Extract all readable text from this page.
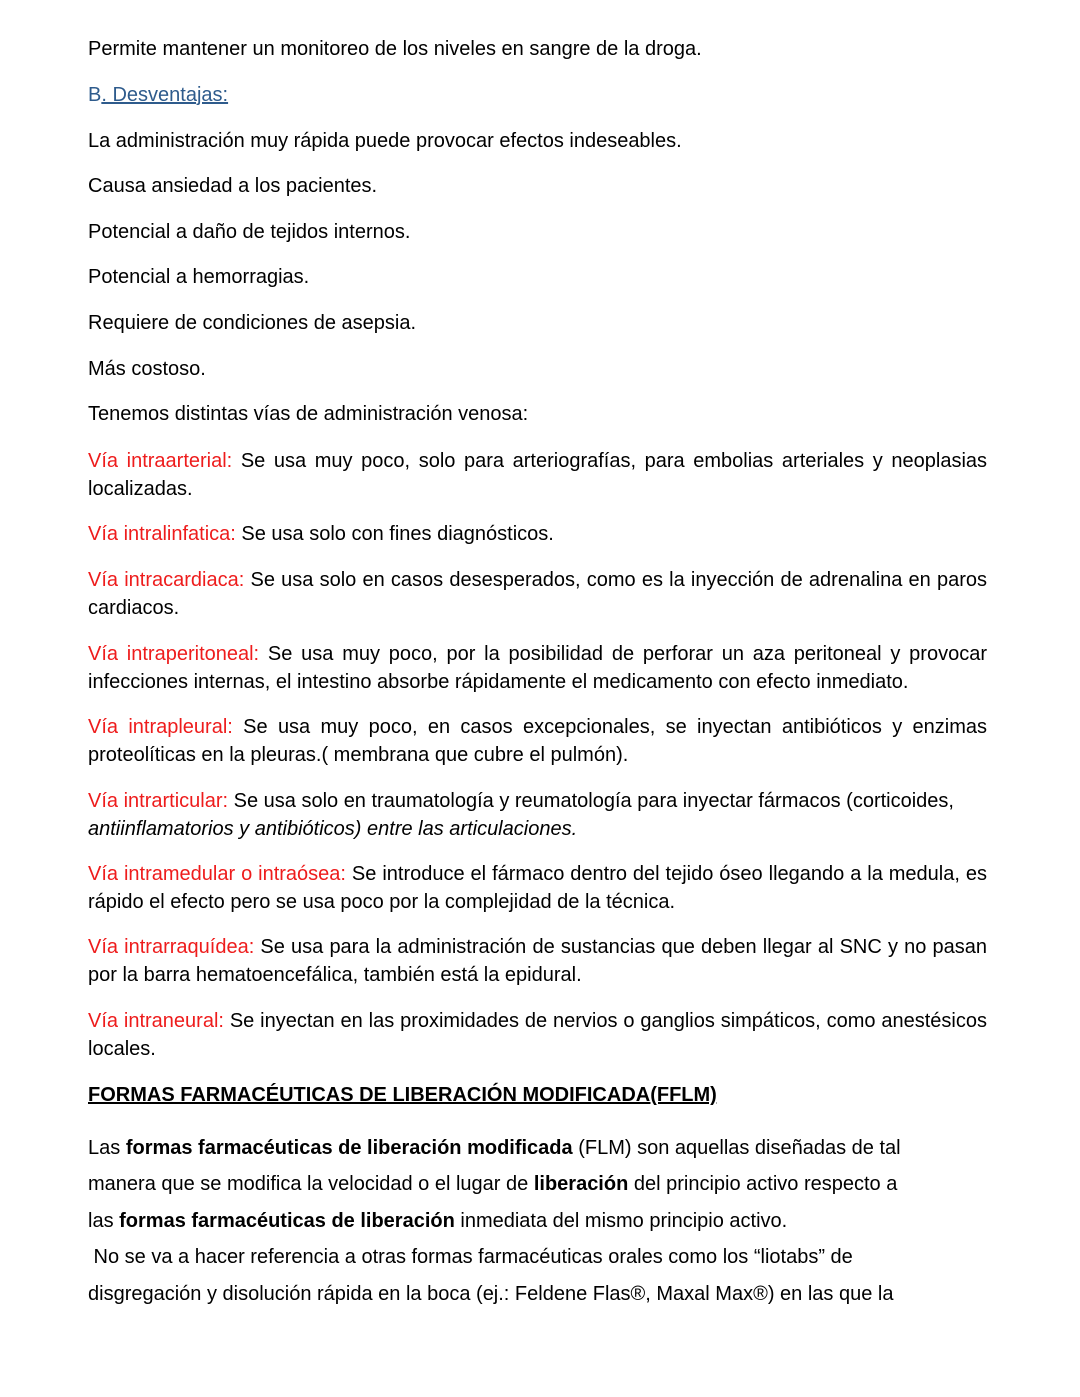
Permite mantener un monitoreo de los niveles en sangre de la droga.

B. Desventajas:

La administración muy rápida puede provocar efectos indeseables.

Causa ansiedad a los pacientes.

Potencial a daño de tejidos internos.

Potencial a hemorragias.

Requiere de condiciones de asepsia.

Más costoso.

Tenemos distintas vías de administración venosa:

Vía intraarterial: Se usa muy poco, solo para arteriografías, para embolias arteriales y neoplasias localizadas.

Vía intralinfatica: Se usa solo con fines diagnósticos.

Vía intracardiaca: Se usa solo en casos desesperados, como es la inyección de adrenalina en paros cardiacos.

Vía intraperitoneal: Se usa muy poco, por la posibilidad de perforar un aza peritoneal y provocar infecciones internas, el intestino absorbe rápidamente el medicamento con efecto inmediato.

Vía intrapleural: Se usa muy poco, en casos excepcionales, se inyectan antibióticos y enzimas proteolíticas en la pleuras.( membrana que cubre el pulmón).

Vía intrarticular: Se usa solo en traumatología y reumatología para inyectar fármacos (corticoides,
antiinflamatorios y antibióticos) entre las articulaciones.

Vía intramedular o intraósea: Se introduce el fármaco dentro del tejido óseo llegando a la medula, es rápido el efecto pero se usa poco por la complejidad de la técnica.

Vía intrarraquídea: Se usa para la administración de sustancias que deben llegar al SNC y no pasan por la barra hematoencefálica, también está la epidural.

Vía intraneural: Se inyectan en las proximidades de nervios o ganglios simpáticos, como anestésicos locales.

FORMAS FARMACÉUTICAS DE LIBERACIÓN MODIFICADA(FFLM)

Las formas farmacéuticas de liberación modificada (FLM) son aquellas diseñadas de tal

manera que se modifica la velocidad o el lugar de liberación del principio activo respecto a

las formas farmacéuticas de liberación inmediata del mismo principio activo.

No se va a hacer referencia a otras formas farmacéuticas orales como los “liotabs” de

disgregación y disolución rápida en la boca (ej.: Feldene Flas®, Maxal Max®) en las que la
